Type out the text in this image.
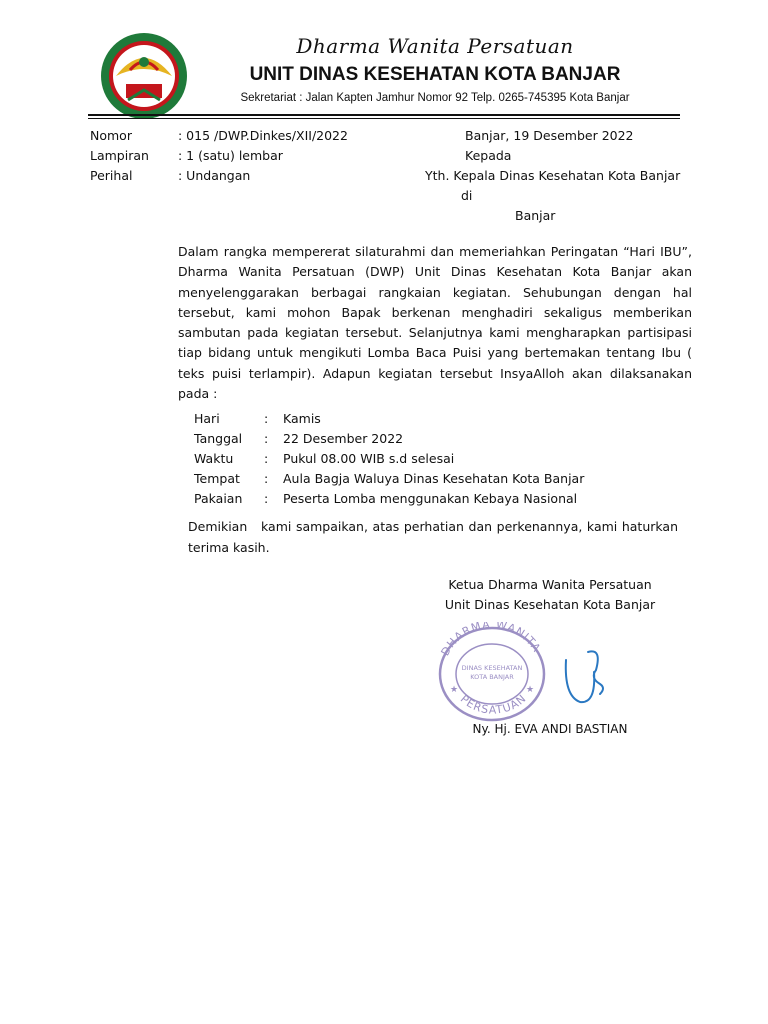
Dharma Wanita Persatuan
UNIT DINAS KESEHATAN KOTA BANJAR
Sekretariat : Jalan Kapten Jamhur Nomor 92 Telp. 0265-745395 Kota Banjar
Nomor	: 015 /DWP.Dinkes/XII/2022
Lampiran	: 1 (satu) lembar
Perihal	: Undangan
Banjar, 19 Desember 2022
Kepada
Yth. Kepala Dinas Kesehatan Kota Banjar
di
Banjar
Dalam rangka mempererat silaturahmi dan memeriahkan Peringatan “Hari IBU”, Dharma Wanita Persatuan (DWP) Unit Dinas Kesehatan Kota Banjar akan menyelenggarakan berbagai rangkaian kegiatan. Sehubungan dengan hal tersebut, kami mohon Bapak berkenan menghadiri sekaligus memberikan sambutan pada kegiatan tersebut. Selanjutnya kami mengharapkan partisipasi tiap bidang untuk mengikuti Lomba Baca Puisi yang bertemakan tentang Ibu ( teks puisi terlampir). Adapun kegiatan tersebut InsyaAlloh akan dilaksanakan pada :
Hari	:	Kamis
Tanggal	:	22 Desember 2022
Waktu	:	Pukul 08.00 WIB s.d selesai
Tempat	:	Aula Bagja Waluya Dinas Kesehatan Kota Banjar
Pakaian	:	Peserta Lomba menggunakan Kebaya Nasional
Demikian   kami sampaikan, atas perhatian dan perkenannya, kami haturkan terima kasih.
Ketua Dharma Wanita Persatuan
Unit Dinas Kesehatan Kota Banjar
DHARMA WANITA
PERSATUAN
DINAS KESEHATAN
KOTA BANJAR
★	★
Ny. Hj. EVA ANDI BASTIAN
